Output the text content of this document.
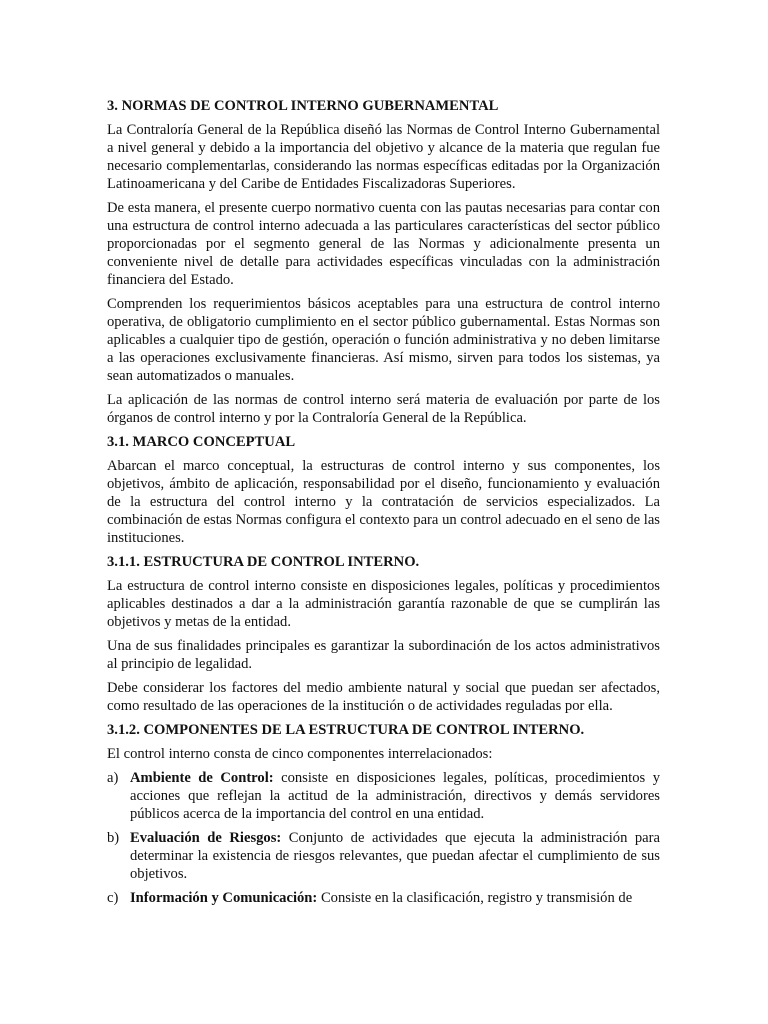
3. NORMAS DE CONTROL INTERNO GUBERNAMENTAL

La Contraloría General de la República diseñó las Normas de Control Interno Gubernamental a nivel general y debido a la importancia del objetivo y alcance de la materia que regulan fue necesario complementarlas, considerando las normas específicas editadas por la Organización Latinoamericana y del Caribe de Entidades Fiscalizadoras Superiores.

De esta manera, el presente cuerpo normativo cuenta con las pautas necesarias para contar con una estructura de control interno adecuada a las particulares características del sector público proporcionadas por el segmento general de las Normas y adicionalmente presenta un conveniente nivel de detalle para actividades específicas vinculadas con la administración financiera del Estado.

Comprenden los requerimientos básicos aceptables para una estructura de control interno operativa, de obligatorio cumplimiento en el sector público gubernamental. Estas Normas son aplicables a cualquier tipo de gestión, operación o función administrativa y no deben limitarse a las operaciones exclusivamente financieras. Así mismo, sirven para todos los sistemas, ya sean automatizados o manuales.

La aplicación de las normas de control interno será materia de evaluación por parte de los órganos de control interno y por la Contraloría General de la República.

3.1. MARCO CONCEPTUAL

Abarcan el marco conceptual, la estructuras de control interno y sus componentes, los objetivos, ámbito de aplicación, responsabilidad por el diseño, funcionamiento y evaluación de la estructura del control interno y la contratación de servicios especializados. La combinación de estas Normas configura el contexto para un control adecuado en el seno de las instituciones.

3.1.1. ESTRUCTURA DE CONTROL INTERNO.

La estructura de control interno consiste en disposiciones legales, políticas y procedimientos aplicables destinados a dar a la administración garantía razonable de que se cumplirán las objetivos y metas de la entidad.

Una de sus finalidades principales es garantizar la subordinación de los actos administrativos al principio de legalidad.

Debe considerar los factores del medio ambiente natural y social que puedan ser afectados, como resultado de las operaciones de la institución o de actividades reguladas por ella.

3.1.2. COMPONENTES DE LA ESTRUCTURA DE CONTROL INTERNO.

El control interno consta de cinco componentes interrelacionados:

a) Ambiente de Control: consiste en disposiciones legales, políticas, procedimientos y acciones que reflejan la actitud de la administración, directivos y demás servidores públicos acerca de la importancia del control en una entidad.
b) Evaluación de Riesgos: Conjunto de actividades que ejecuta la administración para determinar la existencia de riesgos relevantes, que puedan afectar el cumplimiento de sus objetivos.
c) Información y Comunicación: Consiste en la clasificación, registro y transmisión de
